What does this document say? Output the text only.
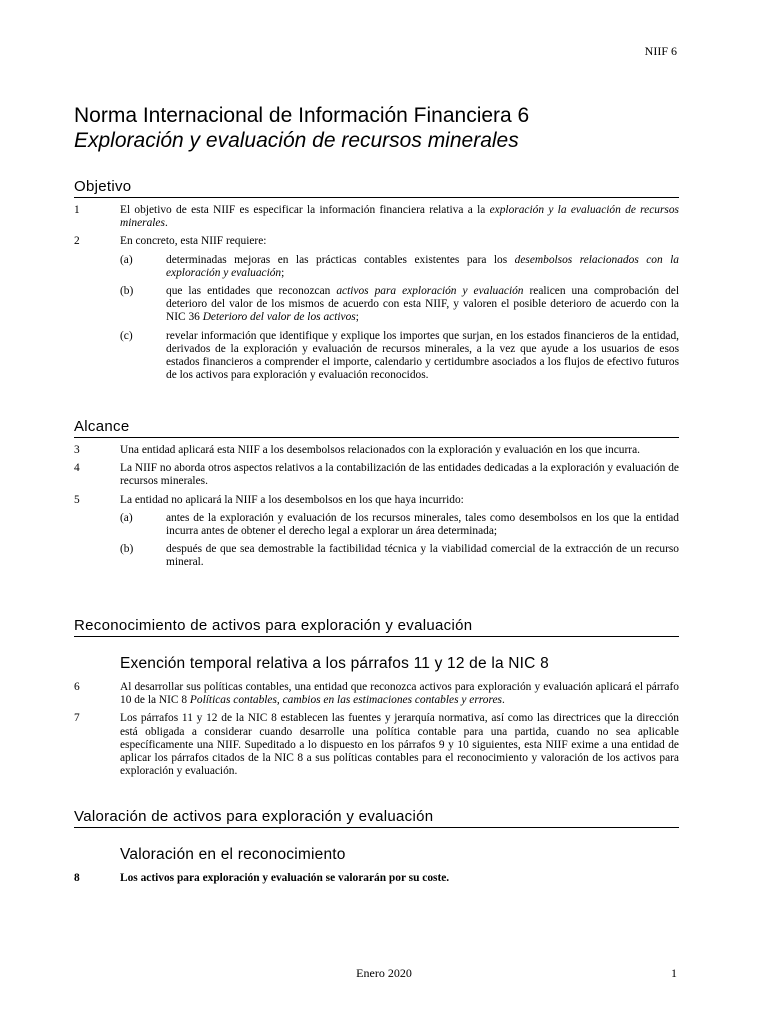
NIIF 6
Norma Internacional de Información Financiera 6
Exploración y evaluación de recursos minerales
Objetivo
1	El objetivo de esta NIIF es especificar la información financiera relativa a la exploración y la evaluación de recursos minerales.
2	En concreto, esta NIIF requiere:
(a)	determinadas mejoras en las prácticas contables existentes para los desembolsos relacionados con la exploración y evaluación;
(b)	que las entidades que reconozcan activos para exploración y evaluación realicen una comprobación del deterioro del valor de los mismos de acuerdo con esta NIIF, y valoren el posible deterioro de acuerdo con la NIC 36 Deterioro del valor de los activos;
(c)	revelar información que identifique y explique los importes que surjan, en los estados financieros de la entidad, derivados de la exploración y evaluación de recursos minerales, a la vez que ayude a los usuarios de esos estados financieros a comprender el importe, calendario y certidumbre asociados a los flujos de efectivo futuros de los activos para exploración y evaluación reconocidos.
Alcance
3	Una entidad aplicará esta NIIF a los desembolsos relacionados con la exploración y evaluación en los que incurra.
4	La NIIF no aborda otros aspectos relativos a la contabilización de las entidades dedicadas a la exploración y evaluación de recursos minerales.
5	La entidad no aplicará la NIIF a los desembolsos en los que haya incurrido:
(a)	antes de la exploración y evaluación de los recursos minerales, tales como desembolsos en los que la entidad incurra antes de obtener el derecho legal a explorar un área determinada;
(b)	después de que sea demostrable la factibilidad técnica y la viabilidad comercial de la extracción de un recurso mineral.
Reconocimiento de activos para exploración y evaluación
Exención temporal relativa a los párrafos 11 y 12 de la NIC 8
6	Al desarrollar sus políticas contables, una entidad que reconozca activos para exploración y evaluación aplicará el párrafo 10 de la NIC 8 Políticas contables, cambios en las estimaciones contables y errores.
7	Los párrafos 11 y 12 de la NIC 8 establecen las fuentes y jerarquía normativa, así como las directrices que la dirección está obligada a considerar cuando desarrolle una política contable para una partida, cuando no sea aplicable específicamente una NIIF. Supeditado a lo dispuesto en los párrafos 9 y 10 siguientes, esta NIIF exime a una entidad de aplicar los párrafos citados de la NIC 8 a sus políticas contables para el reconocimiento y valoración de los activos para exploración y evaluación.
Valoración de activos para exploración y evaluación
Valoración en el reconocimiento
8	Los activos para exploración y evaluación se valorarán por su coste.
Enero 2020	1
